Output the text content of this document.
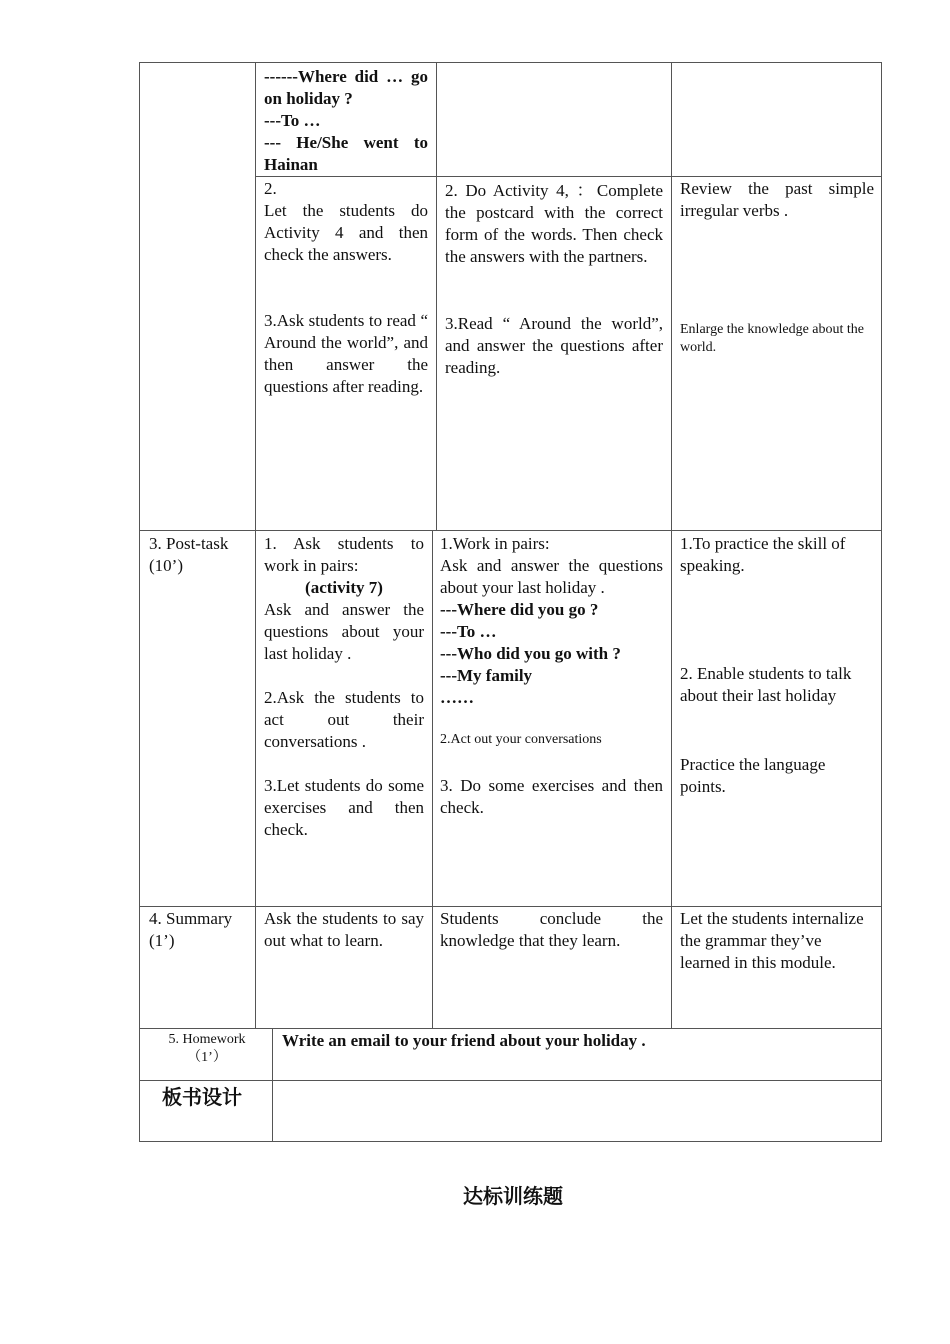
------Where did … go on holiday ?
---To …
--- He/She went to Hainan
2.
Let the students do Activity 4 and then check the answers.
3.Ask students to read “ Around the world”, and then answer the questions after reading.
2. Do Activity 4, ：Complete the postcard with the correct form of the words. Then check the answers with the partners.
3.Read “ Around the world”, and answer the questions after reading.
Review the past simple irregular verbs .
Enlarge the knowledge about the world.
3. Post-task (10’)
1. Ask students to work in pairs:
(activity 7)
Ask and answer the questions about your last holiday .
2.Ask the students to act out their conversations .
3.Let students do some exercises and then check.
1.Work in pairs:
Ask and answer the questions about your last holiday .
---Where did you go ?
---To …
---Who did you go with ?
---My family
……
2.Act out your conversations
3. Do some exercises and then check.
1.To practice the skill of speaking.
2. Enable students to talk about their last holiday
Practice the language points.
4. Summary (1’)
Ask the students to say out what to learn.
Students conclude the knowledge that they learn.
Let the students internalize the grammar they’ve learned in this module.
5. Homework
（1’）
Write an email to your friend about your holiday .
板书设计
达标训练题
